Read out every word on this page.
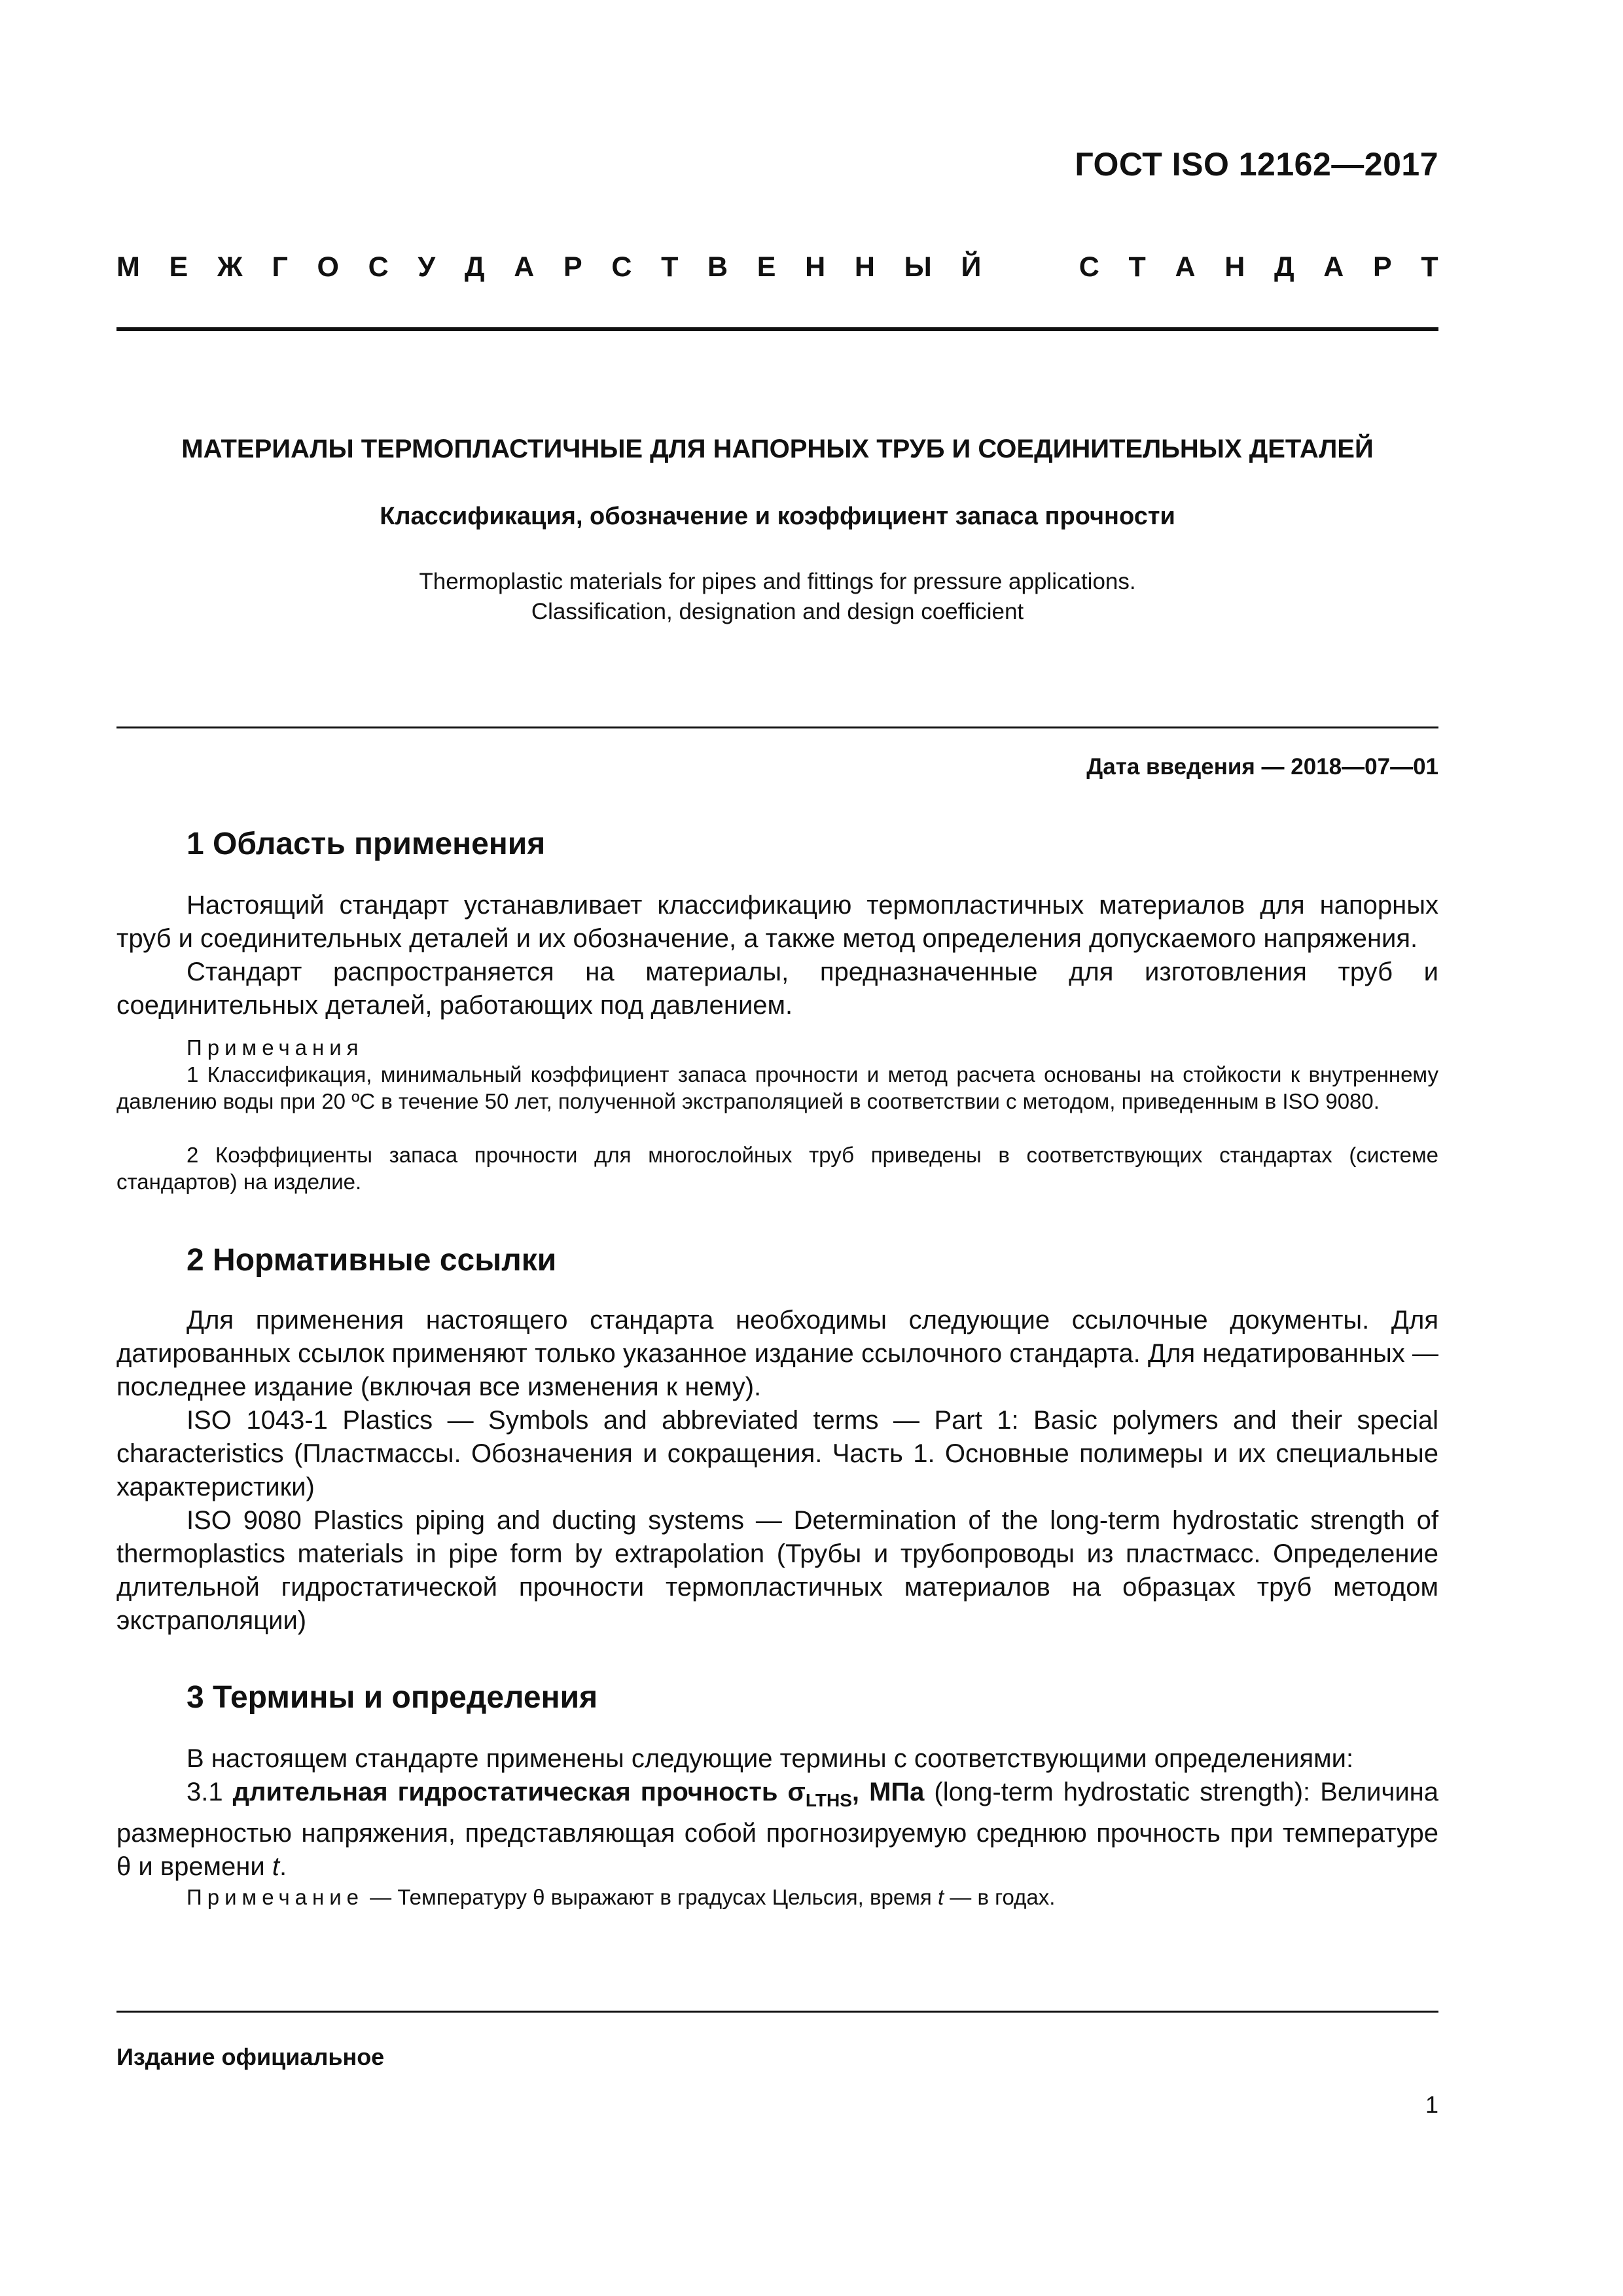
ГОСТ ISO 12162—2017
М Е Ж Г О С У Д А Р С Т В Е Н Н Ы Й	С Т А Н Д А Р Т
МАТЕРИАЛЫ ТЕРМОПЛАСТИЧНЫЕ ДЛЯ НАПОРНЫХ ТРУБ И СОЕДИНИТЕЛЬНЫХ ДЕТАЛЕЙ
Классификация, обозначение и коэффициент запаса прочности
Thermoplastic materials for pipes and fittings for pressure applications.
Classification, designation and design coefficient
Дата введения — 2018—07—01
1 Область применения
Настоящий стандарт устанавливает классификацию термопластичных материалов для напорных труб и соединительных деталей и их обозначение, а также метод определения допускаемого напряжения.
Стандарт распространяется на материалы, предназначенные для изготовления труб и соединительных деталей, работающих под давлением.
Примечания
1 Классификация, минимальный коэффициент запаса прочности и метод расчета основаны на стойкости к внутреннему давлению воды при 20 ºС в течение 50 лет, полученной экстраполяцией в соответствии с методом, приведенным в ISO 9080.
2 Коэффициенты запаса прочности для многослойных труб приведены в соответствующих стандартах (системе стандартов) на изделие.
2 Нормативные ссылки
Для применения настоящего стандарта необходимы следующие ссылочные документы. Для датированных ссылок применяют только указанное издание ссылочного стандарта. Для недатированных — последнее издание (включая все изменения к нему).
ISO 1043-1 Plastics — Symbols and abbreviated terms — Part 1: Basic polymers and their special characteristics (Пластмассы. Обозначения и сокращения. Часть 1. Основные полимеры и их специальные характеристики)
ISO 9080 Plastics piping and ducting systems — Determination of the long-term hydrostatic strength of thermoplastics materials in pipe form by extrapolation (Трубы и трубопроводы из пластмасс. Определение длительной гидростатической прочности термопластичных материалов на образцах труб методом экстраполяции)
3 Термины и определения
В настоящем стандарте применены следующие термины с соответствующими определениями:
3.1 длительная гидростатическая прочность $\sigma_{LTHS}$, МПа (long-term hydrostatic strength): Величина размерностью напряжения, представляющая собой прогнозируемую среднюю прочность при температуре θ и времени t.
Примечание — Температуру θ выражают в градусах Цельсия, время t — в годах.
Издание официальное
1
